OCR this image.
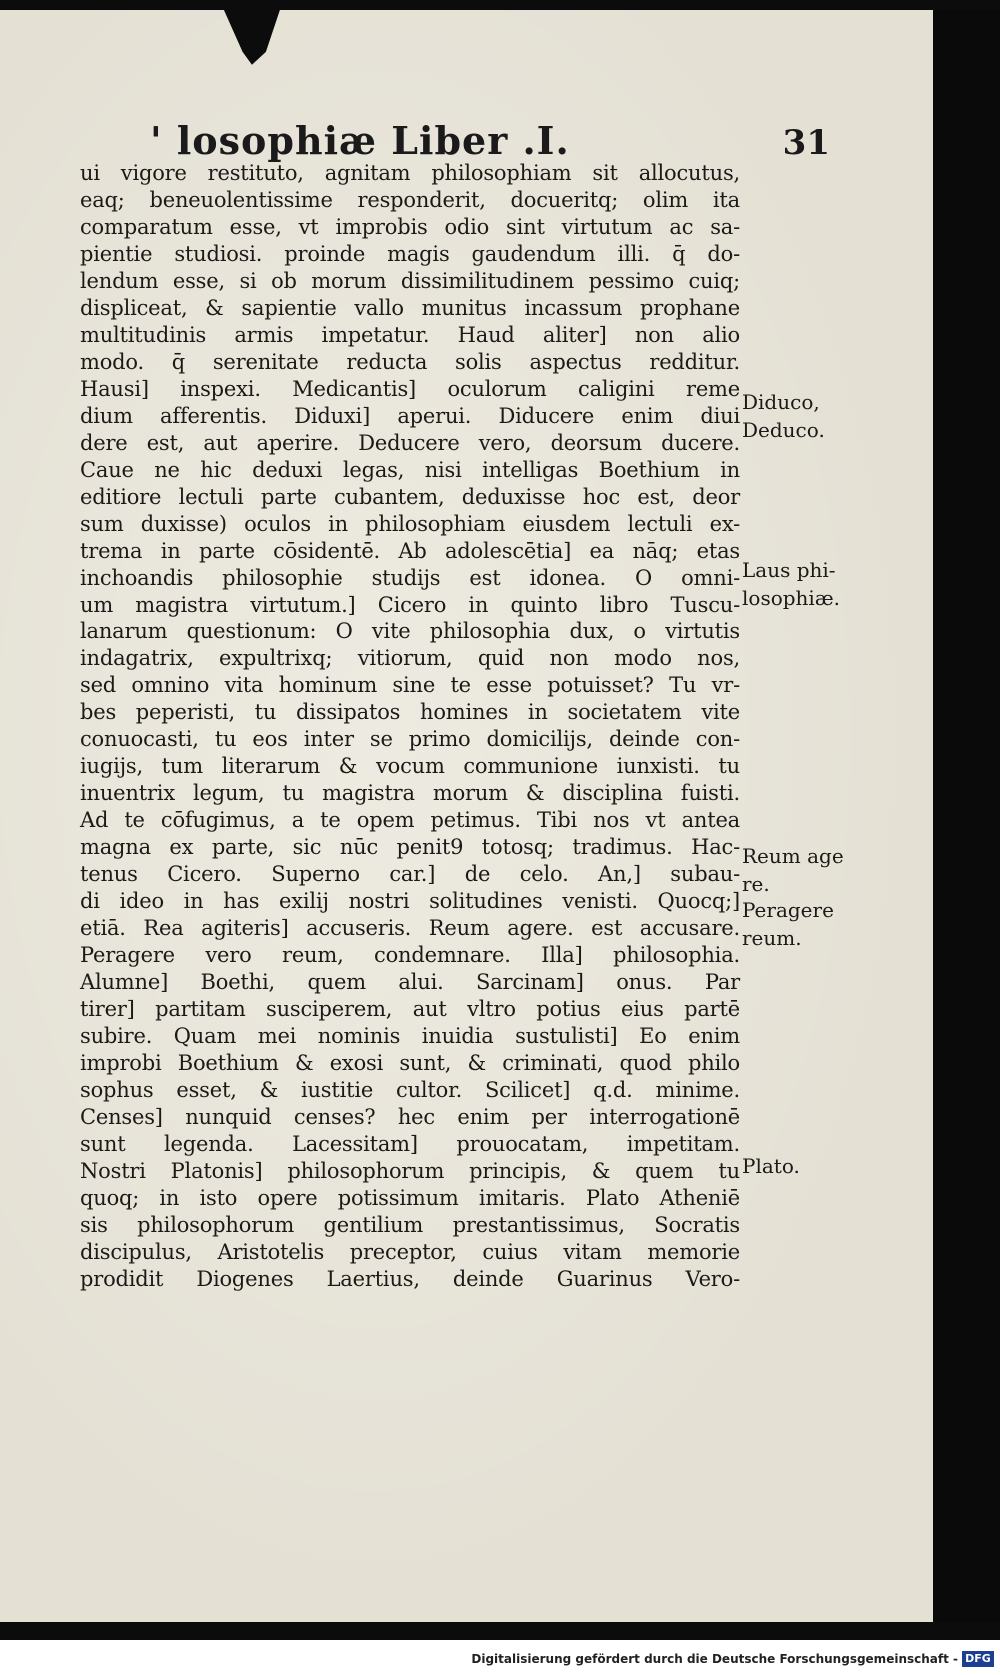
' losophiæ Liber .I.	31
ui vigore restituto, agnitam philosophiam sit allocutus,
eaq; beneuolentissime responderit, docueritq; olim ita
comparatum esse, vt improbis odio sint virtutum ac sa-
pientie studiosi. proinde magis gaudendum illi. q̄ do-
lendum esse, si ob morum dissimilitudinem pessimo cuiq;
displiceat, & sapientie vallo munitus incassum prophane
multitudinis armis impetatur. Haud aliter] non alio
modo. q̄ serenitate reducta solis aspectus redditur.
Hausi] inspexi. Medicantis] oculorum caligini reme
dium afferentis. Diduxi] aperui. Diducere enim diui
dere est, aut aperire. Deducere vero, deorsum ducere.
Caue ne hic deduxi legas, nisi intelligas Boethium in
editiore lectuli parte cubantem, deduxisse hoc est, deor
sum duxisse) oculos in philosophiam eiusdem lectuli ex-
trema in parte cōsidentē. Ab adolescētia] ea nāq; etas
inchoandis philosophie studijs est idonea. O omni-
um magistra virtutum.] Cicero in quinto libro Tuscu-
lanarum questionum: O vite philosophia dux, o virtutis
indagatrix, expultrixq; vitiorum, quid non modo nos,
sed omnino vita hominum sine te esse potuisset? Tu vr-
bes peperisti, tu dissipatos homines in societatem vite
conuocasti, tu eos inter se primo domicilijs, deinde con-
iugijs, tum literarum & vocum communione iunxisti. tu
inuentrix legum, tu magistra morum & disciplina fuisti.
Ad te cōfugimus, a te opem petimus. Tibi nos vt antea
magna ex parte, sic nūc penit9 totosq; tradimus. Hac-
tenus Cicero. Superno car.] de celo. An,] subau-
di ideo in has exilij nostri solitudines venisti. Quocq;]
etiā. Rea agiteris] accuseris. Reum agere. est accusare.
Peragere vero reum, condemnare. Illa] philosophia.
Alumne] Boethi, quem alui. Sarcinam] onus. Par
tirer] partitam susciperem, aut vltro potius eius partē
subire. Quam mei nominis inuidia sustulisti] Eo enim
improbi Boethium & exosi sunt, & criminati, quod philo
sophus esset, & iustitie cultor. Scilicet] q.d. minime.
Censes] nunquid censes? hec enim per interrogationē
sunt legenda. Lacessitam] prouocatam, impetitam.
Nostri Platonis] philosophorum principis, & quem tu
quoq; in isto opere potissimum imitaris. Plato Atheniē
sis philosophorum gentilium prestantissimus, Socratis
discipulus, Aristotelis preceptor, cuius vitam memorie
prodidit Diogenes Laertius, deinde Guarinus Vero-
Diduco,
Deduco.
Laus phi-
losophiæ.
Reum age
re.
Peragere
reum.
Plato.
Digitalisierung gefördert durch die Deutsche Forschungsgemeinschaft - DFG
